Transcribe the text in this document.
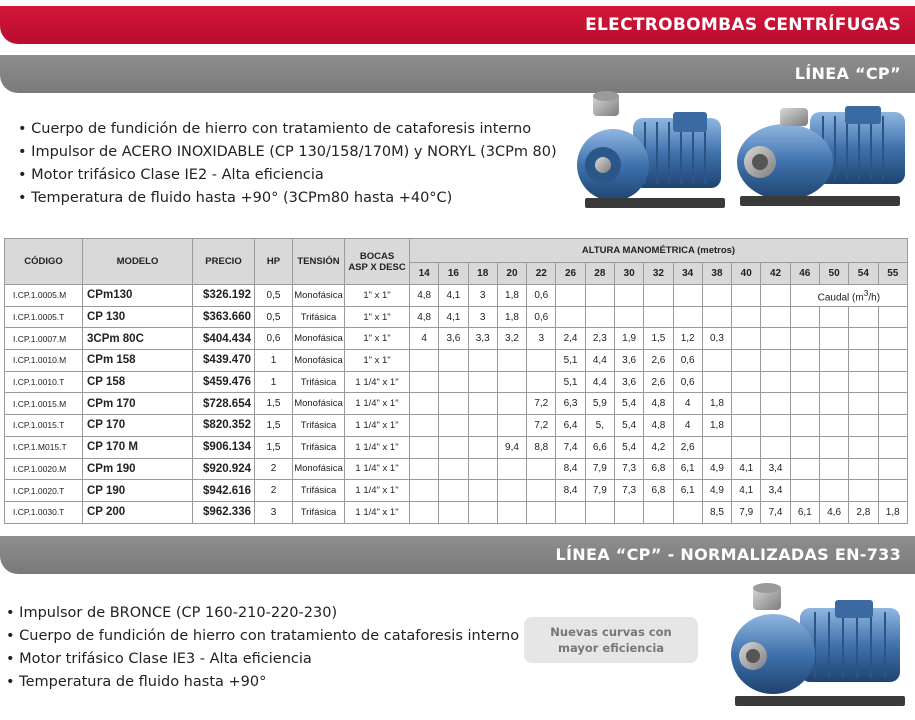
ELECTROBOMBAS CENTRÍFUGAS
LÍNEA “CP”
• Cuerpo de fundición de hierro con tratamiento de cataforesis interno
• Impulsor de ACERO INOXIDABLE (CP 130/158/170M) y NORYL (3CPm 80)
• Motor trifásico Clase IE2 - Alta eficiencia
• Temperatura de fluido hasta +90° (3CPm80 hasta +40°C)
CÓDIGO	MODELO	PRECIO	HP	TENSIÓN	BOCAS
ASP X DESC	ALTURA MANOMÉTRICA (metros)																
						14	16	18	20	22	26	28	30	32	34	38	40	42	46	50	54	55
I.CP.1.0005.M	CPm130	$326.192	0,5	Monofásica	1" x 1"	4,8	4,1	3	1,8	0,6									Caudal $(m^3/h)$			
I.CP.1.0005.T	CP 130	$363.660	0,5	Trifásica	1" x 1"	4,8	4,1	3	1,8	0,6												
I.CP.1.0007.M	3CPm 80C	$404.434	0,6	Monofásica	1" x 1"	4	3,6	3,3	3,2	3	2,4	2,3	1,9	1,5	1,2	0,3						
I.CP.1.0010.M	CPm 158	$439.470	1	Monofásica	1" x 1"						5,1	4,4	3,6	2,6	0,6							
I.CP.1.0010.T	CP 158	$459.476	1	Trifásica	1 1/4" x 1"						5,1	4,4	3,6	2,6	0,6							
I.CP.1.0015.M	CPm 170	$728.654	1,5	Monofásica	1 1/4" x 1"					7,2	6,3	5,9	5,4	4,8	4	1,8						
I.CP.1.0015.T	CP 170	$820.352	1,5	Trifásica	1 1/4" x 1"					7,2	6,4	5,	5,4	4,8	4	1,8						
I.CP.1.M015.T	CP 170 M	$906.134	1,5	Trifásica	1 1/4" x 1"				9,4	8,8	7,4	6,6	5,4	4,2	2,6							
I.CP.1.0020.M	CPm 190	$920.924	2	Monofásica	1 1/4" x 1"						8,4	7,9	7,3	6,8	6,1	4,9	4,1	3,4				
I.CP.1.0020.T	CP 190	$942.616	2	Trifásica	1 1/4" x 1"						8,4	7,9	7,3	6,8	6,1	4,9	4,1	3,4				
I.CP.1.0030.T	CP 200	$962.336	3	Trifásica	1 1/4" x 1"											8,5	7,9	7,4	6,1	4,6	2,8	1,8
LÍNEA “CP” - NORMALIZADAS EN-733
• Impulsor de BRONCE (CP 160-210-220-230)
• Cuerpo de fundición de hierro con tratamiento de cataforesis interno
• Motor trifásico Clase IE3 - Alta eficiencia
• Temperatura de fluido hasta +90°
Nuevas curvas con
mayor eficiencia
